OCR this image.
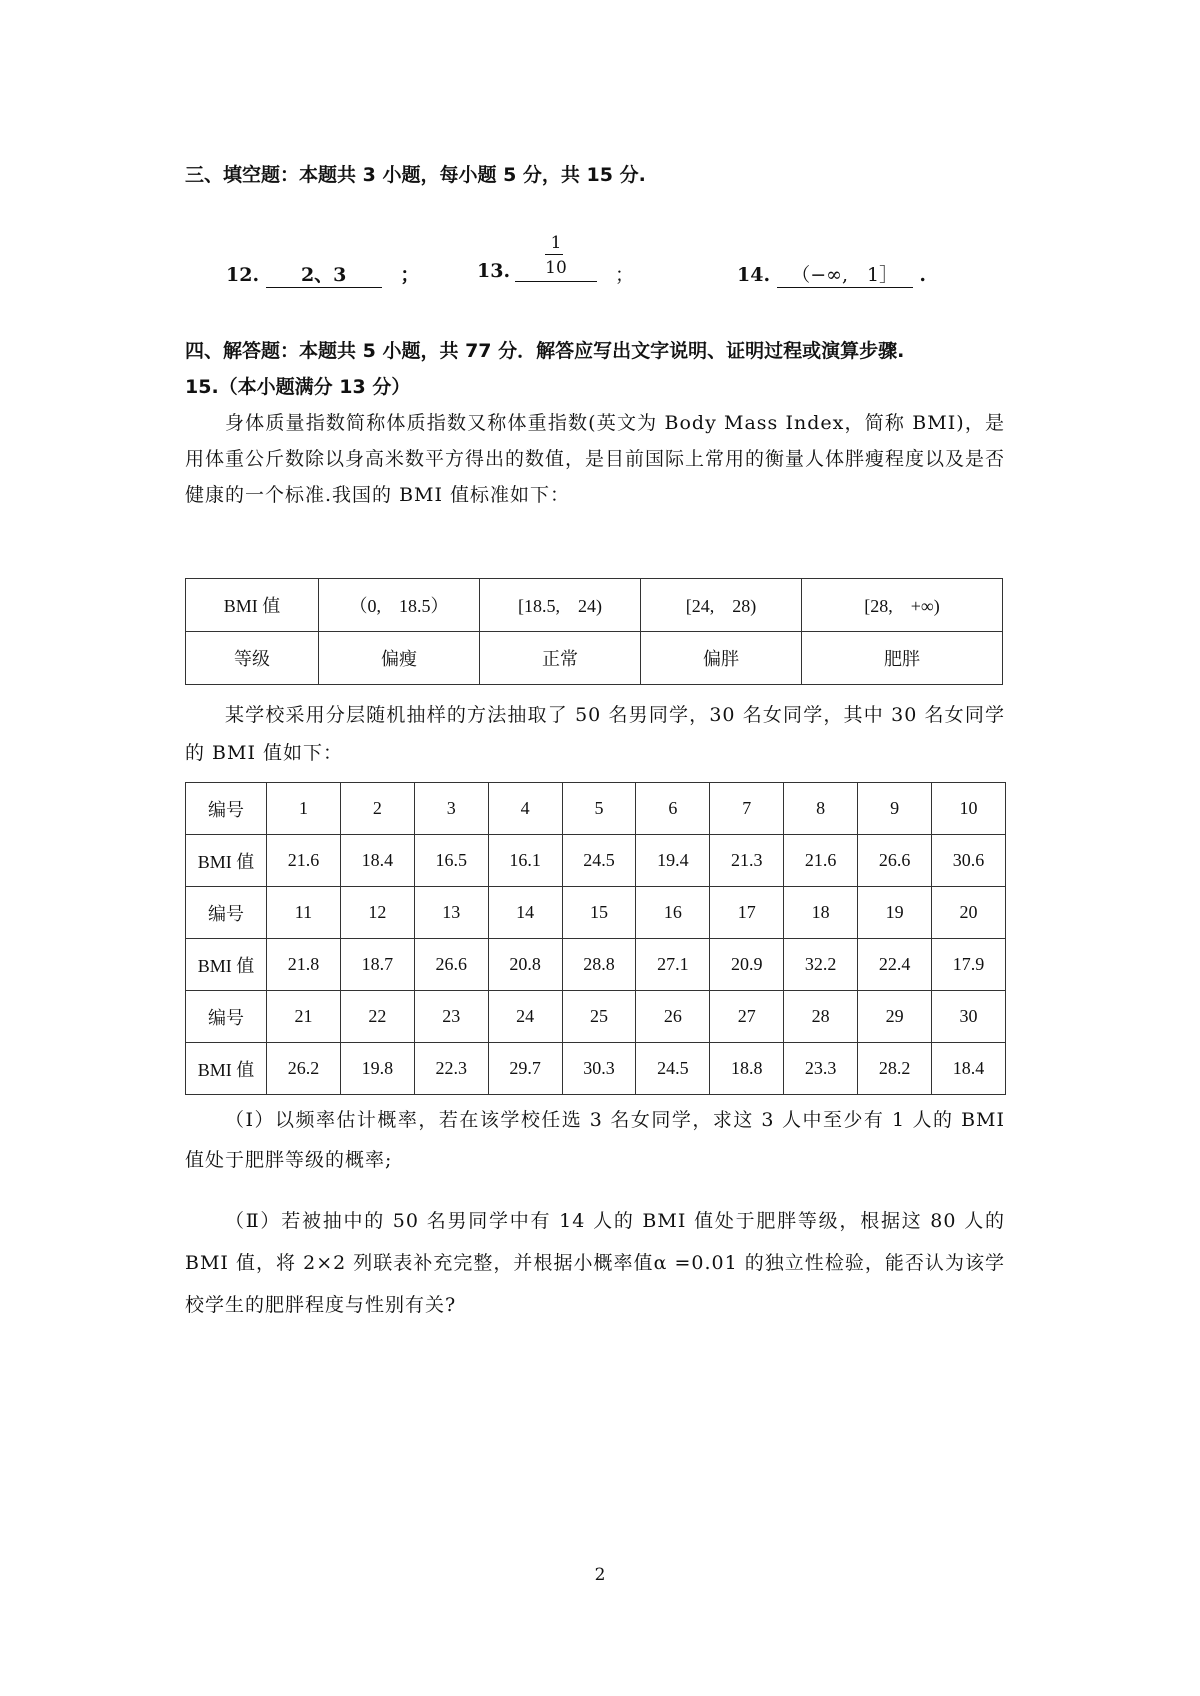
三、填空题：本题共 3 小题，每小题 5 分，共 15 分.
12. 2、3	；	13.
1
10	；	14. （−∞,　1］ .
四、解答题：本题共 5 小题，共 77 分．解答应写出文字说明、证明过程或演算步骤.
15.（本小题满分 13 分）
身体质量指数简称体质指数又称体重指数(英文为 Body Mass Index，简称 BMI)，是用体重公斤数除以身高米数平方得出的数值，是目前国际上常用的衡量人体胖瘦程度以及是否健康的一个标准.我国的 BMI 值标准如下：
BMI 值	（0,　18.5）	[18.5,　24)	[24,　28)	[28,　+∞)
等级	偏瘦	正常	偏胖	肥胖
某学校采用分层随机抽样的方法抽取了 50 名男同学，30 名女同学，其中 30 名女同学的 BMI 值如下：
编号	1	2	3	4	5	6	7	8	9	10
BMI 值	21.6	18.4	16.5	16.1	24.5	19.4	21.3	21.6	26.6	30.6
编号	11	12	13	14	15	16	17	18	19	20
BMI 值	21.8	18.7	26.6	20.8	28.8	27.1	20.9	32.2	22.4	17.9
编号	21	22	23	24	25	26	27	28	29	30
BMI 值	26.2	19.8	22.3	29.7	30.3	24.5	18.8	23.3	28.2	18.4
（Ⅰ）以频率估计概率，若在该学校任选 3 名女同学，求这 3 人中至少有 1 人的 BMI 值处于肥胖等级的概率;
（Ⅱ）若被抽中的 50 名男同学中有 14 人的 BMI 值处于肥胖等级，根据这 80 人的 BMI 值，将 2×2 列联表补充完整，并根据小概率值α =0.01 的独立性检验，能否认为该学校学生的肥胖程度与性别有关?
2
